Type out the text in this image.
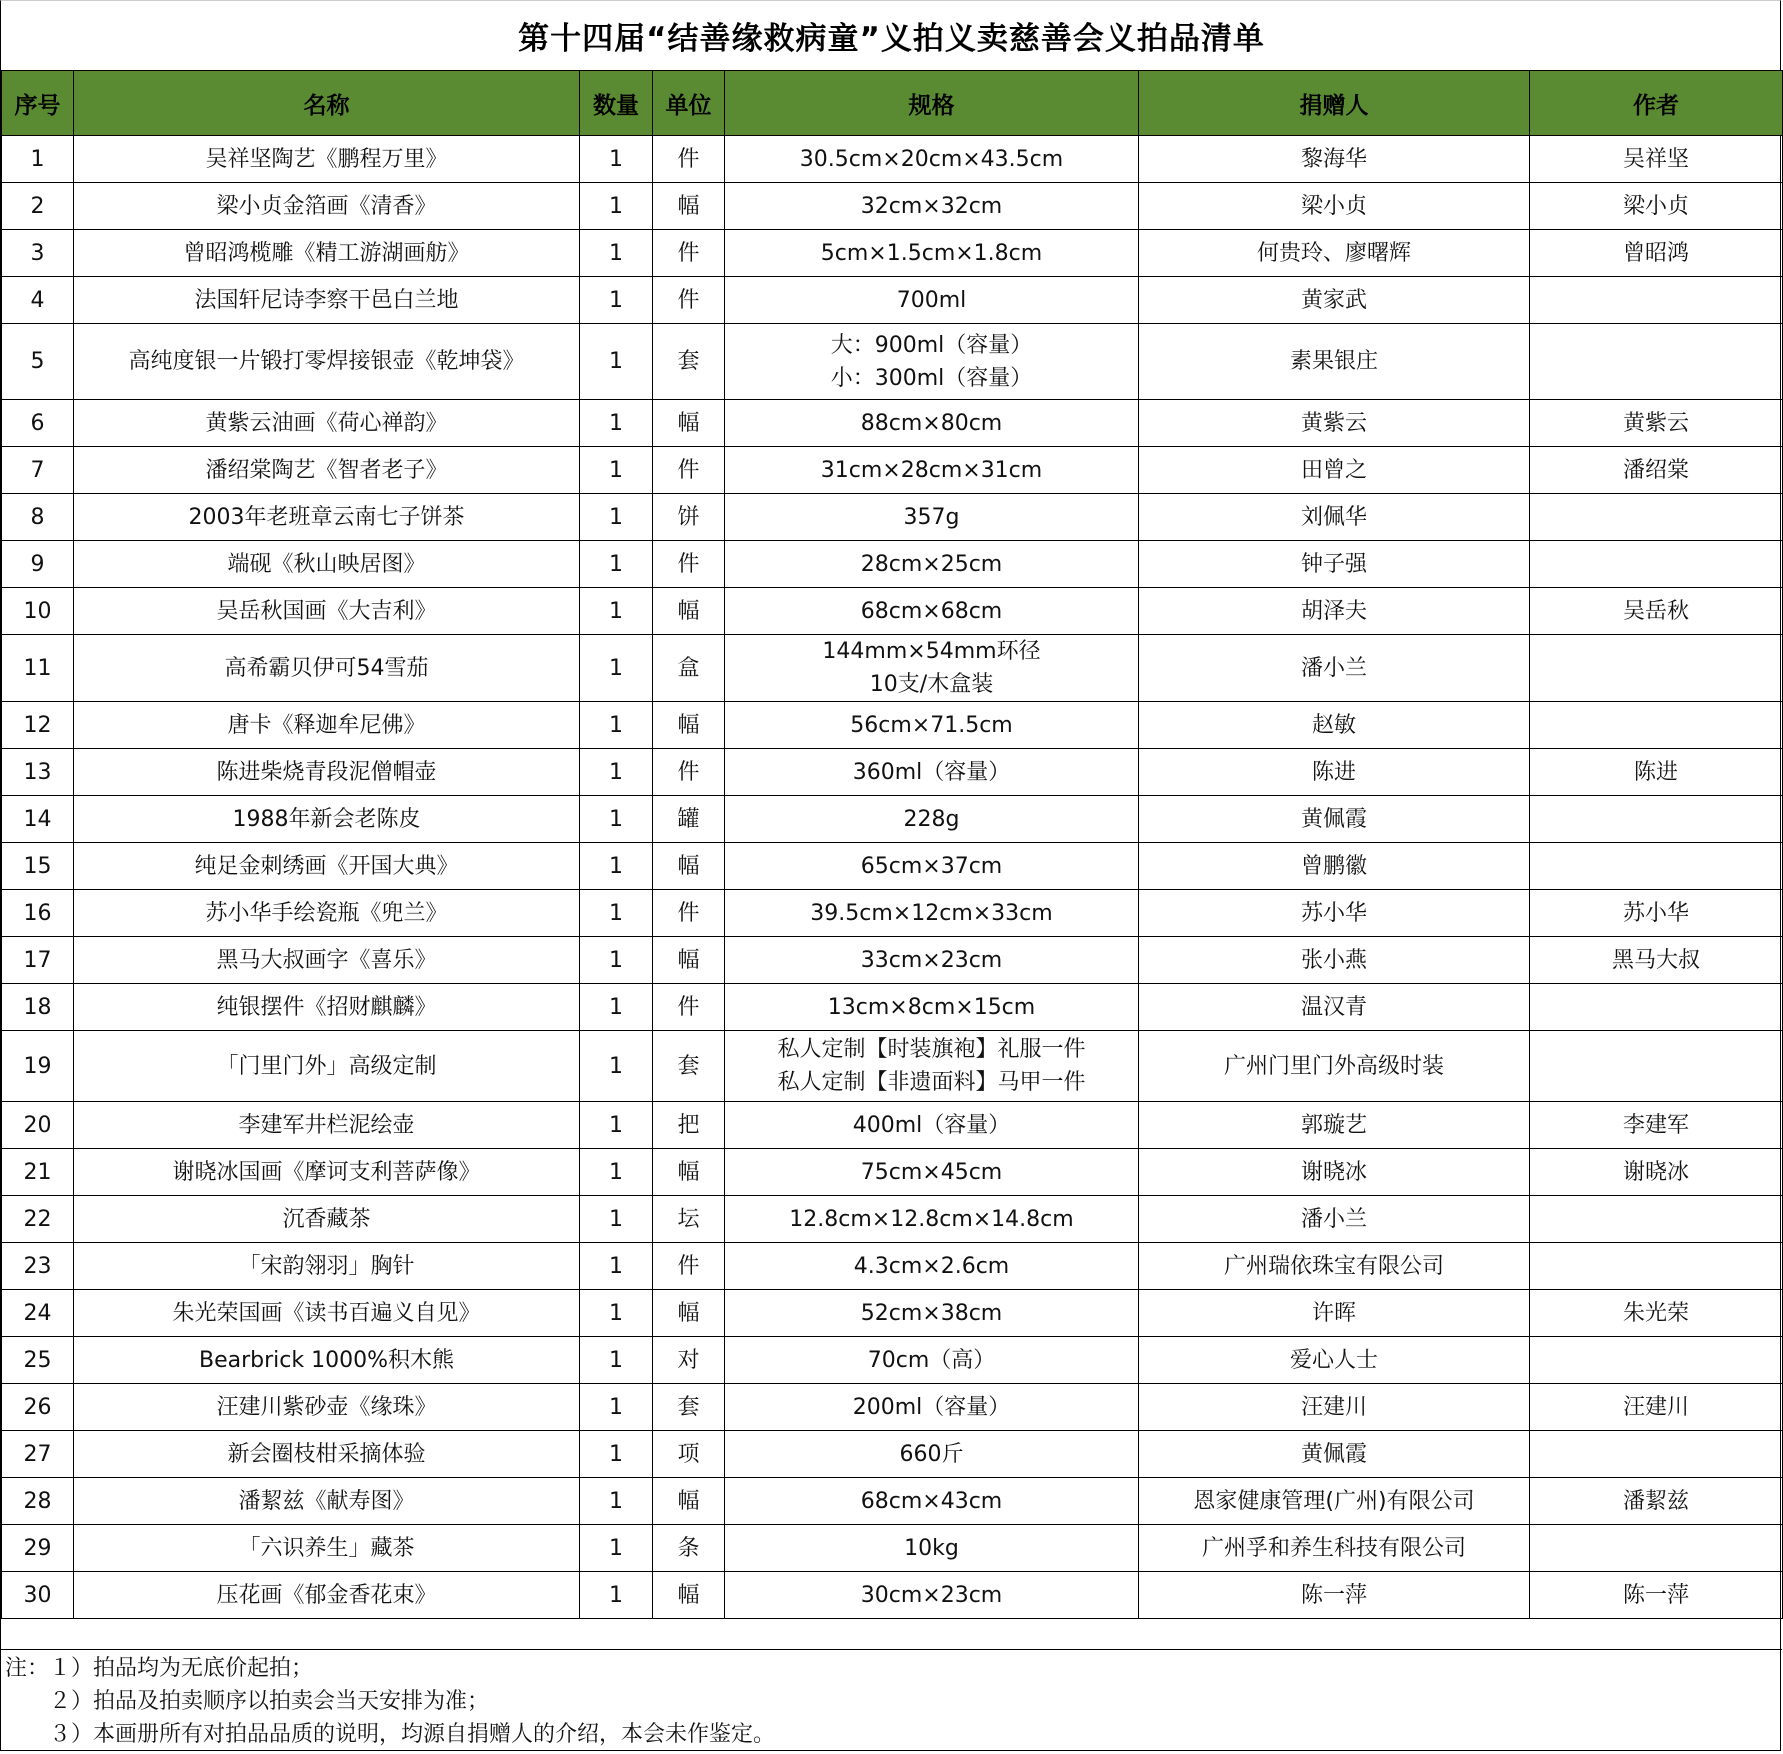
第十四届“结善缘救病童”义拍义卖慈善会义拍品清单
序号	名称	数量	单位	规格	捐赠人	作者
1	吴祥坚陶艺《鹏程万里》	1	件	30.5cm×20cm×43.5cm	黎海华	吴祥坚
2	梁小贞金箔画《清香》	1	幅	32cm×32cm	梁小贞	梁小贞
3	曾昭鸿榄雕《精工游湖画舫》	1	件	5cm×1.5cm×1.8cm	何贵玲、廖曙辉	曾昭鸿
4	法国轩尼诗李察干邑白兰地	1	件	700ml	黄家武	
5	高纯度银一片锻打零焊接银壶《乾坤袋》	1	套	大：900ml（容量）
小：300ml（容量）	素果银庄	
6	黄紫云油画《荷心禅韵》	1	幅	88cm×80cm	黄紫云	黄紫云
7	潘绍棠陶艺《智者老子》	1	件	31cm×28cm×31cm	田曾之	潘绍棠
8	2003年老班章云南七子饼茶	1	饼	357g	刘佩华	
9	端砚《秋山映居图》	1	件	28cm×25cm	钟子强	
10	吴岳秋国画《大吉利》	1	幅	68cm×68cm	胡泽夫	吴岳秋
11	高希霸贝伊可54雪茄	1	盒	144mm×54mm环径
10支/木盒装	潘小兰	
12	唐卡《释迦牟尼佛》	1	幅	56cm×71.5cm	赵敏	
13	陈进柴烧青段泥僧帽壶	1	件	360ml（容量）	陈进	陈进
14	1988年新会老陈皮	1	罐	228g	黄佩霞	
15	纯足金刺绣画《开国大典》	1	幅	65cm×37cm	曾鹏徽	
16	苏小华手绘瓷瓶《兜兰》	1	件	39.5cm×12cm×33cm	苏小华	苏小华
17	黑马大叔画字《喜乐》	1	幅	33cm×23cm	张小燕	黑马大叔
18	纯银摆件《招财麒麟》	1	件	13cm×8cm×15cm	温汉青	
19	「门里门外」高级定制	1	套	私人定制【时装旗袍】礼服一件
私人定制【非遗面料】马甲一件	广州门里门外高级时装	
20	李建军井栏泥绘壶	1	把	400ml（容量）	郭璇艺	李建军
21	谢晓冰国画《摩诃支利菩萨像》	1	幅	75cm×45cm	谢晓冰	谢晓冰
22	沉香藏茶	1	坛	12.8cm×12.8cm×14.8cm	潘小兰	
23	「宋韵翎羽」胸针	1	件	4.3cm×2.6cm	广州瑞依珠宝有限公司	
24	朱光荣国画《读书百遍义自见》	1	幅	52cm×38cm	许晖	朱光荣
25	Bearbrick 1000%积木熊	1	对	70cm（高）	爱心人士	
26	汪建川紫砂壶《缘珠》	1	套	200ml（容量）	汪建川	汪建川
27	新会圈枝柑采摘体验	1	项	660斤	黄佩霞	
28	潘絜兹《献寿图》	1	幅	68cm×43cm	恩家健康管理(广州)有限公司	潘絜兹
29	「六识养生」藏茶	1	条	10kg	广州孚和养生科技有限公司	
30	压花画《郁金香花束》	1	幅	30cm×23cm	陈一萍	陈一萍
注：１）拍品均为无底价起拍；
　　２）拍品及拍卖顺序以拍卖会当天安排为准；
　　３）本画册所有对拍品品质的说明，均源自捐赠人的介绍，本会未作鉴定。
